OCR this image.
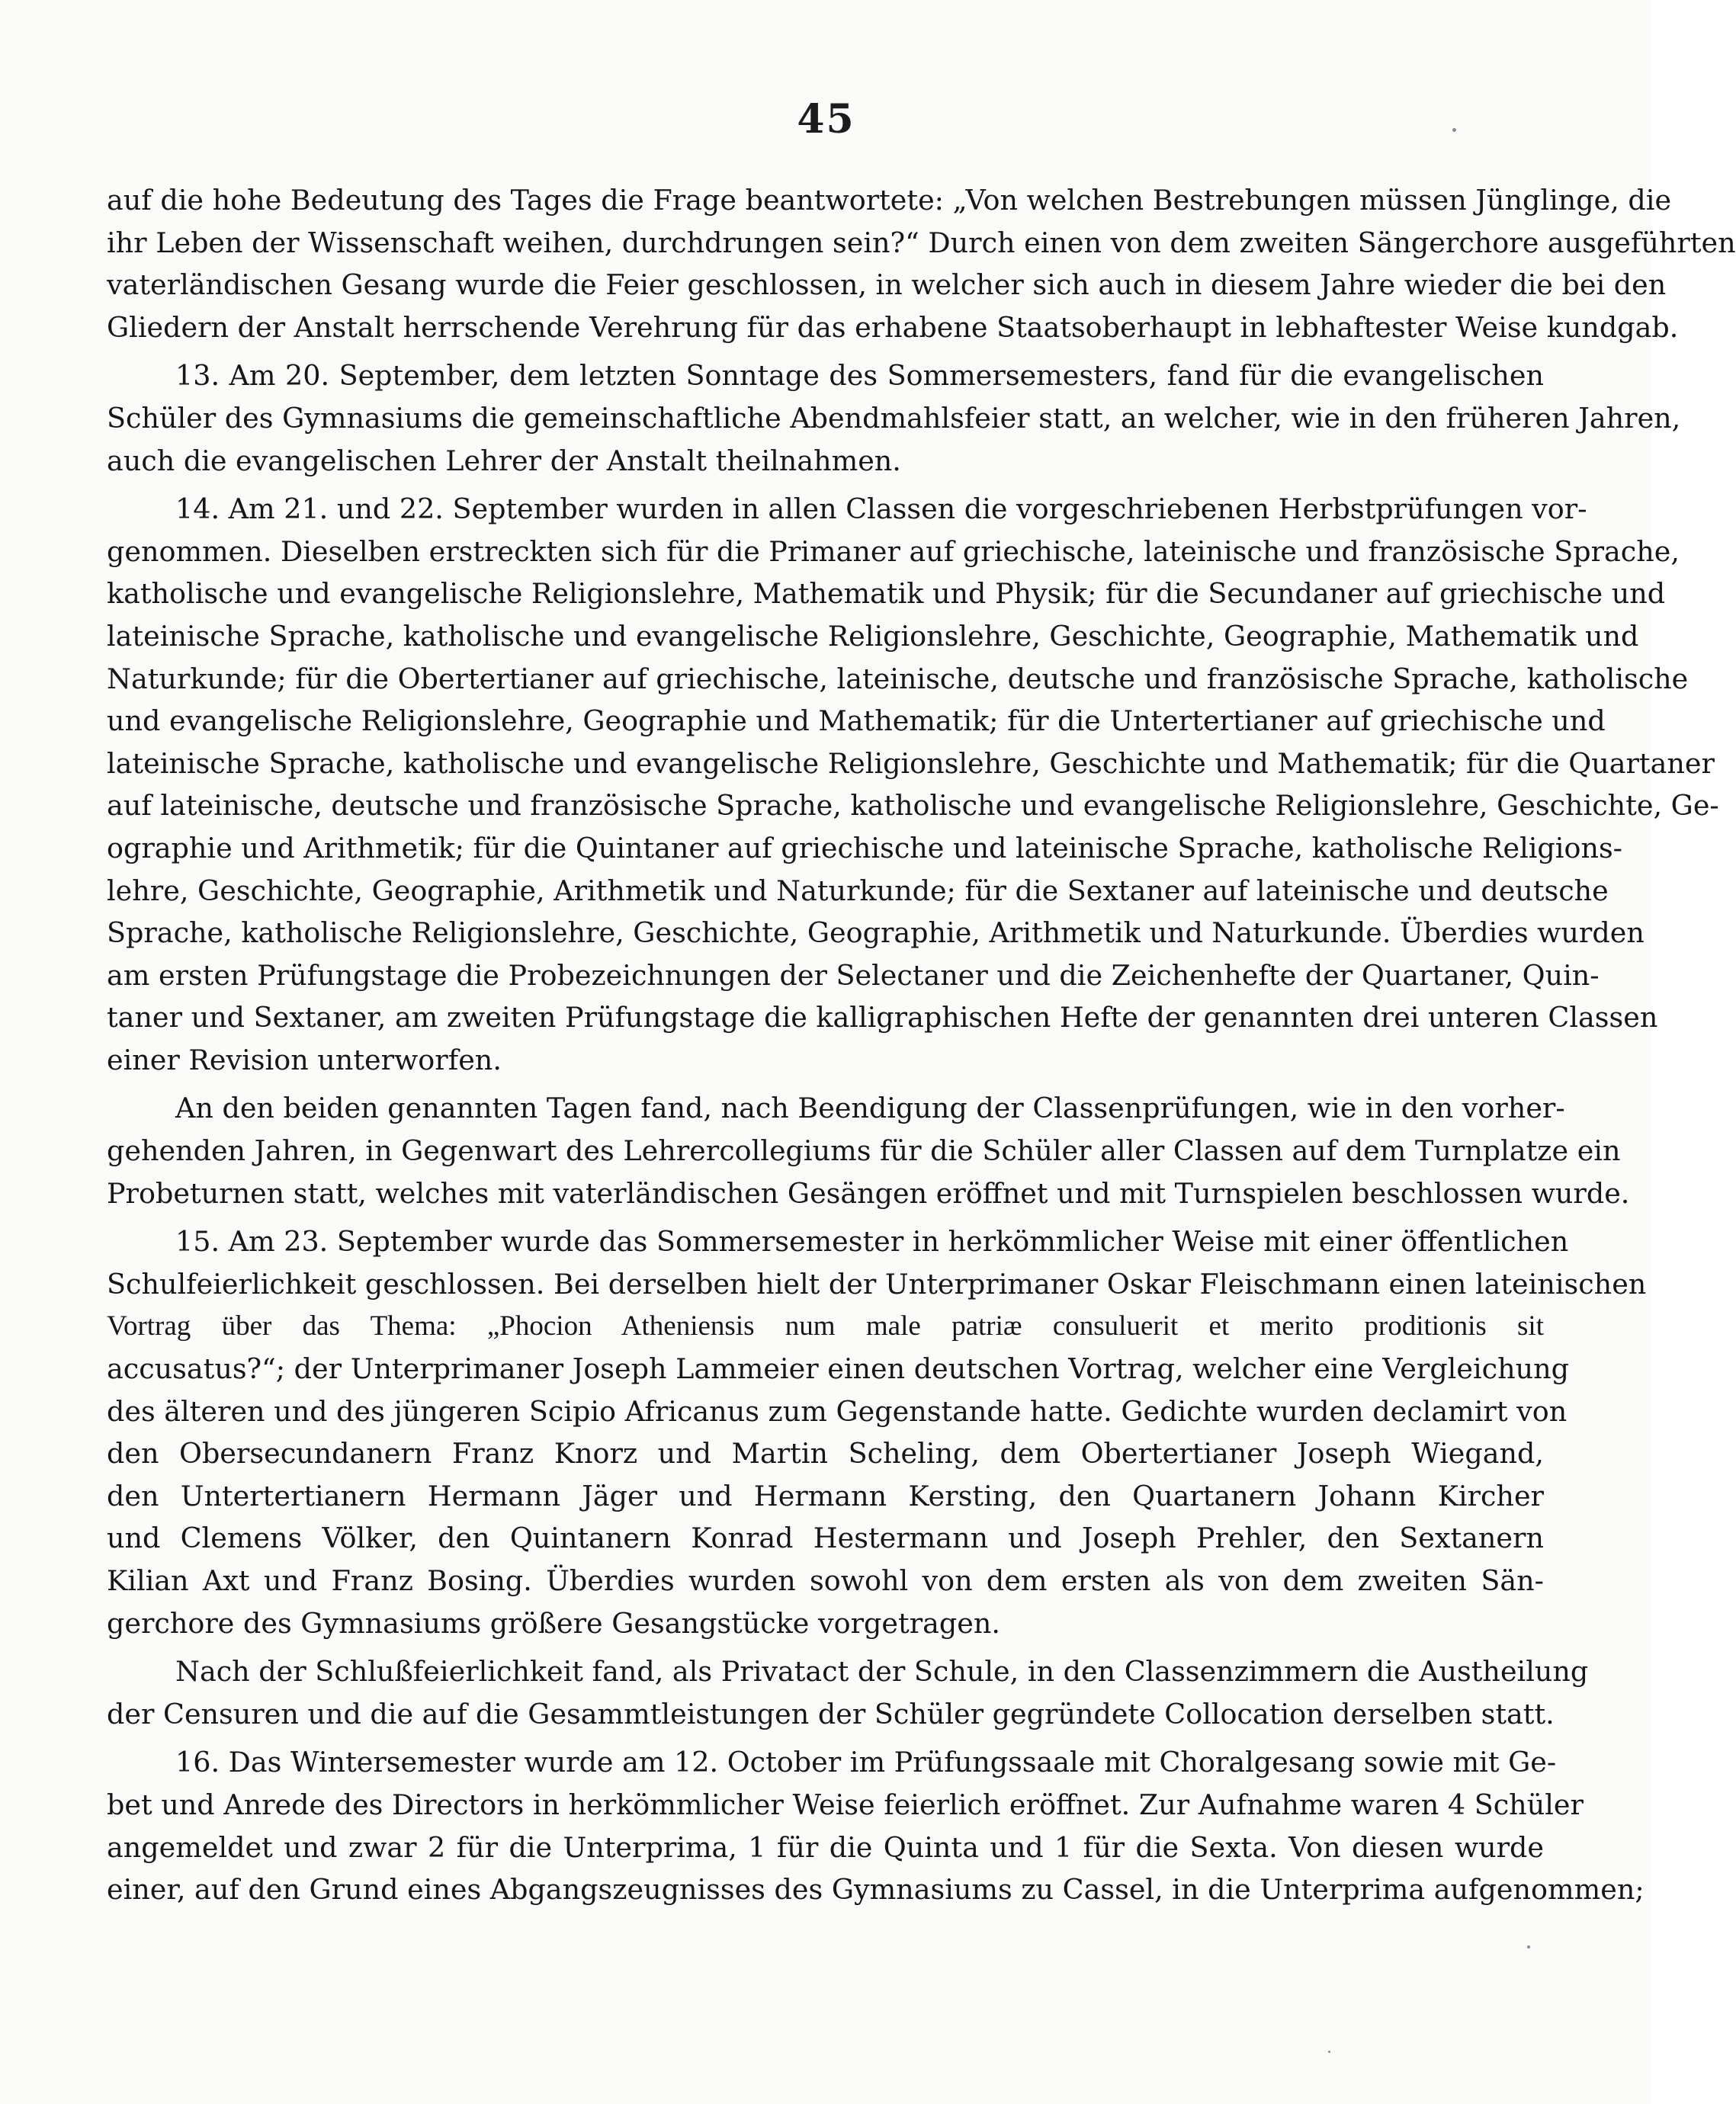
45
auf die hohe Bedeutung des Tages die Frage beantwortete: „Von welchen Bestrebungen müssen Jünglinge, die
ihr Leben der Wissenschaft weihen, durchdrungen sein?“ Durch einen von dem zweiten Sängerchore ausgeführten
vaterländischen Gesang wurde die Feier geschlossen, in welcher sich auch in diesem Jahre wieder die bei den
Gliedern der Anstalt herrschende Verehrung für das erhabene Staatsoberhaupt in lebhaftester Weise kundgab.
13. Am 20. September, dem letzten Sonntage des Sommersemesters, fand für die evangelischen
Schüler des Gymnasiums die gemeinschaftliche Abendmahlsfeier statt, an welcher, wie in den früheren Jahren,
auch die evangelischen Lehrer der Anstalt theilnahmen.
14. Am 21. und 22. September wurden in allen Classen die vorgeschriebenen Herbstprüfungen vor-
genommen. Dieselben erstreckten sich für die Primaner auf griechische, lateinische und französische Sprache,
katholische und evangelische Religionslehre, Mathematik und Physik; für die Secundaner auf griechische und
lateinische Sprache, katholische und evangelische Religionslehre, Geschichte, Geographie, Mathematik und
Naturkunde; für die Obertertianer auf griechische, lateinische, deutsche und französische Sprache, katholische
und evangelische Religionslehre, Geographie und Mathematik; für die Untertertianer auf griechische und
lateinische Sprache, katholische und evangelische Religionslehre, Geschichte und Mathematik; für die Quartaner
auf lateinische, deutsche und französische Sprache, katholische und evangelische Religionslehre, Geschichte, Ge-
ographie und Arithmetik; für die Quintaner auf griechische und lateinische Sprache, katholische Religions-
lehre, Geschichte, Geographie, Arithmetik und Naturkunde; für die Sextaner auf lateinische und deutsche
Sprache, katholische Religionslehre, Geschichte, Geographie, Arithmetik und Naturkunde. Überdies wurden
am ersten Prüfungstage die Probezeichnungen der Selectaner und die Zeichenhefte der Quartaner, Quin-
taner und Sextaner, am zweiten Prüfungstage die kalligraphischen Hefte der genannten drei unteren Classen
einer Revision unterworfen.
An den beiden genannten Tagen fand, nach Beendigung der Classenprüfungen, wie in den vorher-
gehenden Jahren, in Gegenwart des Lehrercollegiums für die Schüler aller Classen auf dem Turnplatze ein
Probeturnen statt, welches mit vaterländischen Gesängen eröffnet und mit Turnspielen beschlossen wurde.
15. Am 23. September wurde das Sommersemester in herkömmlicher Weise mit einer öffentlichen
Schulfeierlichkeit geschlossen. Bei derselben hielt der Unterprimaner Oskar Fleischmann einen lateinischen
Vortrag über das Thema: „Phocion Atheniensis num male patriæ consuluerit et merito proditionis sit
accusatus?“; der Unterprimaner Joseph Lammeier einen deutschen Vortrag, welcher eine Vergleichung
des älteren und des jüngeren Scipio Africanus zum Gegenstande hatte. Gedichte wurden declamirt von
den Obersecundanern Franz Knorz und Martin Scheling, dem Obertertianer Joseph Wiegand,
den Untertertianern Hermann Jäger und Hermann Kersting, den Quartanern Johann Kircher
und Clemens Völker, den Quintanern Konrad Hestermann und Joseph Prehler, den Sextanern
Kilian Axt und Franz Bosing. Überdies wurden sowohl von dem ersten als von dem zweiten Sän-
gerchore des Gymnasiums größere Gesangstücke vorgetragen.
Nach der Schlußfeierlichkeit fand, als Privatact der Schule, in den Classenzimmern die Austheilung
der Censuren und die auf die Gesammtleistungen der Schüler gegründete Collocation derselben statt.
16. Das Wintersemester wurde am 12. October im Prüfungssaale mit Choralgesang sowie mit Ge-
bet und Anrede des Directors in herkömmlicher Weise feierlich eröffnet. Zur Aufnahme waren 4 Schüler
angemeldet und zwar 2 für die Unterprima, 1 für die Quinta und 1 für die Sexta. Von diesen wurde
einer, auf den Grund eines Abgangszeugnisses des Gymnasiums zu Cassel, in die Unterprima aufgenommen;
